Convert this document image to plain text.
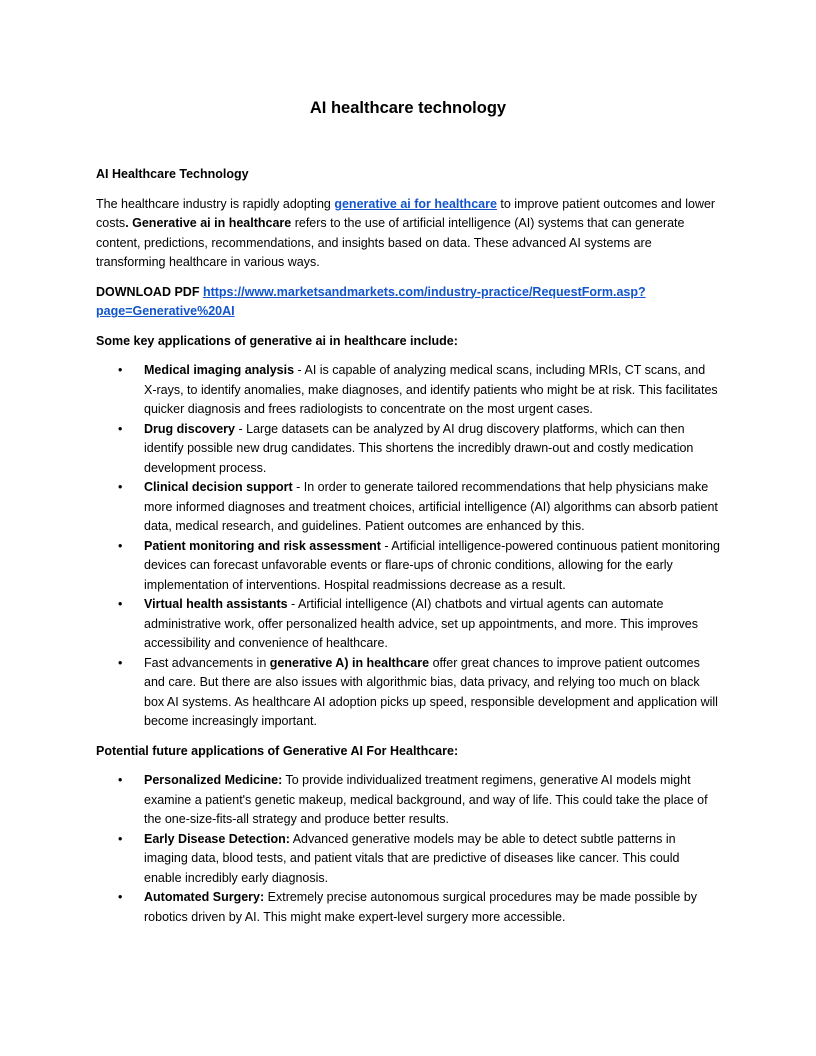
AI healthcare technology
AI Healthcare Technology

The healthcare industry is rapidly adopting generative ai for healthcare to improve patient outcomes and lower costs. Generative ai in healthcare refers to the use of artificial intelligence (AI) systems that can generate content, predictions, recommendations, and insights based on data. These advanced AI systems are transforming healthcare in various ways.

DOWNLOAD PDF https://www.marketsandmarkets.com/industry-practice/RequestForm.asp?page=Generative%20AI

Some key applications of generative ai in healthcare include:
• Medical imaging analysis - AI is capable of analyzing medical scans, including MRIs, CT scans, and X-rays, to identify anomalies, make diagnoses, and identify patients who might be at risk. This facilitates quicker diagnosis and frees radiologists to concentrate on the most urgent cases.
• Drug discovery - Large datasets can be analyzed by AI drug discovery platforms, which can then identify possible new drug candidates. This shortens the incredibly drawn-out and costly medication development process.
• Clinical decision support - In order to generate tailored recommendations that help physicians make more informed diagnoses and treatment choices, artificial intelligence (AI) algorithms can absorb patient data, medical research, and guidelines. Patient outcomes are enhanced by this.
• Patient monitoring and risk assessment - Artificial intelligence-powered continuous patient monitoring devices can forecast unfavorable events or flare-ups of chronic conditions, allowing for the early implementation of interventions. Hospital readmissions decrease as a result.
• Virtual health assistants - Artificial intelligence (AI) chatbots and virtual agents can automate administrative work, offer personalized health advice, set up appointments, and more. This improves accessibility and convenience of healthcare.
• Fast advancements in generative A) in healthcare offer great chances to improve patient outcomes and care. But there are also issues with algorithmic bias, data privacy, and relying too much on black box AI systems. As healthcare AI adoption picks up speed, responsible development and application will become increasingly important.
Potential future applications of Generative AI For Healthcare:
• Personalized Medicine: To provide individualized treatment regimens, generative AI models might examine a patient's genetic makeup, medical background, and way of life. This could take the place of the one-size-fits-all strategy and produce better results.
• Early Disease Detection: Advanced generative models may be able to detect subtle patterns in imaging data, blood tests, and patient vitals that are predictive of diseases like cancer. This could enable incredibly early diagnosis.
• Automated Surgery: Extremely precise autonomous surgical procedures may be made possible by robotics driven by AI. This might make expert-level surgery more accessible.
